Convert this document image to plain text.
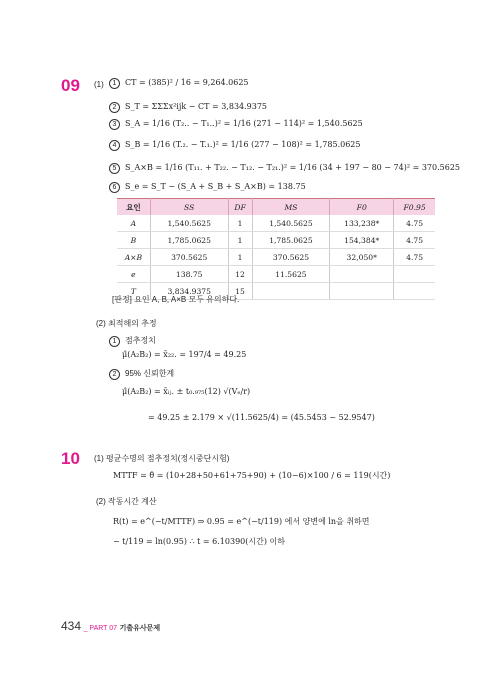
09 (1)	1 CT = (385)² / 16 = 9,264.0625
2 S_T = ΣΣΣx²ijk − CT = 3,834.9375
3 S_A = 1/16 (T₂.. − T₁..)² = 1/16 (271 − 114)² = 1,540.5625
4 S_B = 1/16 (T.₂. − T.₁.)² = 1/16 (277 − 108)² = 1,785.0625
5 S_A×B = 1/16 (T₁₁. + T₂₂. − T₁₂. − T₂₁.)² = 1/16 (34 + 197 − 80 − 74)² = 370.5625
6 S_e = S_T − (S_A + S_B + S_A×B) = 138.75
요인	SS	DF	MS	F0	F0.95
A	1,540.5625	1	1,540.5625	133,238*	4.75
B	1,785.0625	1	1,785.0625	154,384*	4.75
A×B	370.5625	1	370.5625	32,050*	4.75
e	138.75	12	11.5625		
T	3,834.9375	15			
[판정] 요인 A, B, A×B 모두 유의하다.
(2) 최적해의 추정
1 점추정치
μ̂(A₂B₂) = x̄₂₂. = 197/4 = 49.25
2 95% 신뢰한계
μ̂(A₂B₂) = x̄ᵢⱼ. ± t₀.₉₇₅(12) √(Vₑ/r)
= 49.25 ± 2.179 × √(11.5625/4) = (45.5453 ~ 52.9547)
10 (1) 평균수명의 점추정치(정시중단시험)
MTTF = θ̂ = (10+28+50+61+75+90) + (10−6)×100 / 6 = 119(시간)
(2) 작동시간 계산
R(t) = e^(−t/MTTF) ⇒ 0.95 = e^(−t/119) 에서 양변에 ln을 취하면
− t/119 = ln(0.95) ∴ t = 6.10390(시간) 이하
434 _ PART 07 기출유사문제
